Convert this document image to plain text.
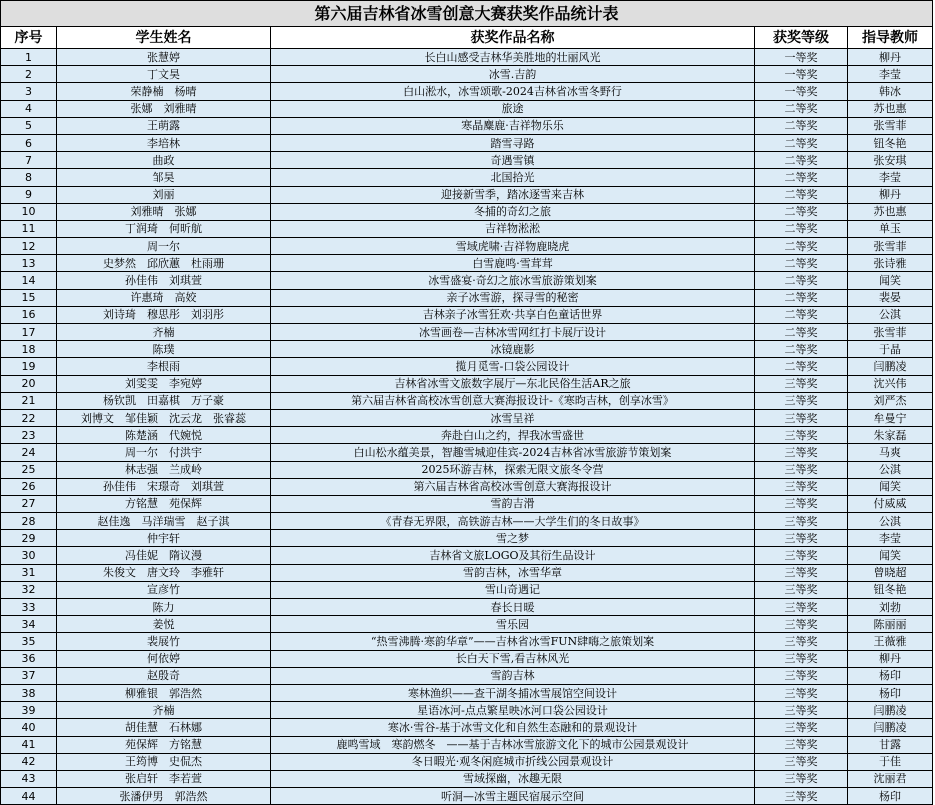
第六届吉林省冰雪创意大赛获奖作品统计表				
序号	学生姓名	获奖作品名称	获奖等级	指导教师
1	张慧婷	长白山感受吉林华美胜地的壮丽风光	一等奖	柳丹
2	丁文昊	冰雪.吉韵	一等奖	李莹
3	荣静楠　杨晴	白山淞水，冰雪颂歌-2024吉林省冰雪冬野行	一等奖	韩冰
4	张娜　刘雅晴	旅途	二等奖	苏也惠
5	王萌露	寒晶麋鹿·吉祥物乐乐	二等奖	张雪菲
6	李培林	踏雪寻路	二等奖	钮冬艳
7	曲政	奇遇雪镇	二等奖	张安琪
8	邹昊	北国拾光	二等奖	李莹
9	刘丽	迎接新雪季，踏冰逐雪来吉林	二等奖	柳丹
10	刘雅晴　张娜	冬捕的奇幻之旅	二等奖	苏也惠
11	丁润琦　何昕航	吉祥物淞淞	二等奖	单玉
12	周一尔	雪域虎啸·吉祥物鹿晓虎	二等奖	张雪菲
13	史梦然　邱欣蕙　杜雨珊	白雪鹿鸣·雪茸茸	二等奖	张诗雅
14	孙佳伟　刘琪萱	冰雪盛宴·奇幻之旅冰雪旅游策划案	二等奖	闻笑
15	许惠琦　高姣	亲子冰雪游，探寻雪的秘密	二等奖	裴晏
16	刘诗琦　穆思彤　刘羽彤	吉林亲子冰雪狂欢·共享白色童话世界	二等奖	公淇
17	齐楠	冰雪画卷—吉林冰雪网红打卡展厅设计	二等奖	张雪菲
18	陈璞	冰镜鹿影	二等奖	于晶
19	李根雨	揽月觅雪-口袋公园设计	二等奖	闫鹏凌
20	刘雯雯　李宛婷	吉林省冰雪文旅数字展厅—东北民俗生活AR之旅	三等奖	沈兴伟
21	杨钦凯　田嘉棋　万子豪	第六届吉林省高校冰雪创意大赛海报设计-《寒昀吉林，创享冰雪》	三等奖	刘严杰
22	刘博文　邹佳颖　沈云龙　张睿蕊	冰雪呈祥	三等奖	牟曼宁
23	陈楚涵　代婉悦	奔赴白山之约，捍我冰雪盛世	三等奖	朱家磊
24	周一尔　付洪宇	白山松水蕴美景，智趣雪城迎佳宾-2024吉林省冰雪旅游节策划案	三等奖	马爽
25	林志强　兰成岭	2025环游吉林，探索无限文旅冬令营	三等奖	公淇
26	孙佳伟　宋璟奇　刘琪萱	第六届吉林省高校冰雪创意大赛海报设计	三等奖	闻笑
27	方铭慧　苑保辉	雪韵吉滑	三等奖	付威威
28	赵佳逸　马洋瑞雪　赵子淇	《青春无界限，高铁游吉林——大学生们的冬日故事》	三等奖	公淇
29	仲宇轩	雪之梦	三等奖	李莹
30	冯佳妮　隋议漫	吉林省文旅LOGO及其衍生品设计	三等奖	闻笑
31	朱俊文　唐文玲　李雅轩	雪韵吉林，冰雪华章	三等奖	曾晓超
32	宣彦竹	雪山奇遇记	三等奖	钮冬艳
33	陈力	春长日暖	三等奖	刘勃
34	姜悦	雪乐园	三等奖	陈丽丽
35	裴展竹	“热雪沸腾·寒韵华章”——吉林省冰雪FUN肆嗨之旅策划案	三等奖	王薇雅
36	何依婷	长白天下雪,看吉林风光	三等奖	柳丹
37	赵殷奇	雪韵吉林	三等奖	杨印
38	柳雅银　郭浩然	寒林渔织——查干湖冬捕冰雪展馆空间设计	三等奖	杨印
39	齐楠	星语冰河-点点繁星映冰河口袋公园设计	三等奖	闫鹏凌
40	胡佳慧　石林娜	寒冰·雪谷-基于冰雪文化和自然生态融和的景观设计	三等奖	闫鹏凌
41	苑保辉　方铭慧	鹿鸣雪域　寒韵燃冬　——基于吉林冰雪旅游文化下的城市公园景观设计	三等奖	甘露
42	王筠博　史侃杰	冬日暇光·观冬闲庭城市折线公园景观设计	三等奖	于佳
43	张启轩　李若萱	雪域探幽，冰趣无限	三等奖	沈丽君
44	张潘伊男　郭浩然	听洞—冰雪主题民宿展示空间	三等奖	杨印
